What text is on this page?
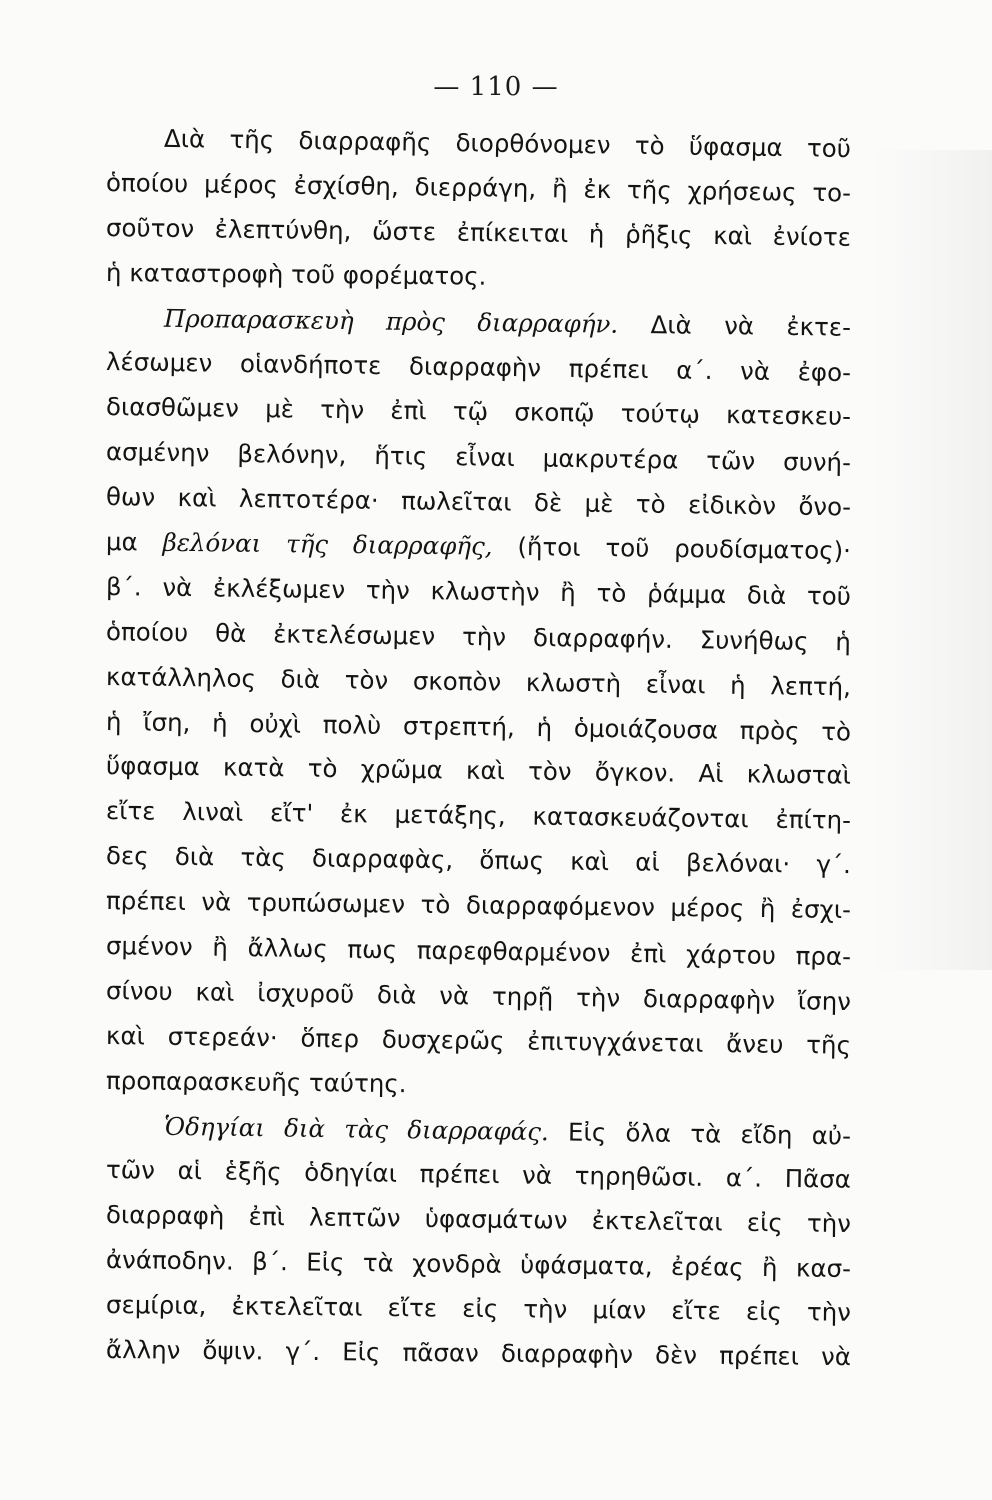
— 110 —
Διὰ τῆς διαρραφῆς διορθόνομεν τὸ ὕφασμα τοῦ
ὁποίου μέρος ἐσχίσθη, διερράγη, ἢ ἐκ τῆς χρήσεως το-
σοῦτον ἐλεπτύνθη, ὥστε ἐπίκειται ἡ ῥῆξις καὶ ἐνίοτε
ἡ καταστροφὴ τοῦ φορέματος.
Προπαρασκευὴ πρὸς διαρραφήν. Διὰ νὰ ἐκτε-
λέσωμεν οἱανδήποτε διαρραφὴν πρέπει α΄. νὰ ἐφο-
διασθῶμεν μὲ τὴν ἐπὶ τῷ σκοπῷ τούτῳ κατεσκευ-
ασμένην βελόνην, ἥτις εἶναι μακρυτέρα τῶν συνή-
θων καὶ λεπτοτέρα· πωλεῖται δὲ μὲ τὸ εἰδικὸν ὄνο-
μα βελόναι τῆς διαρραφῆς, (ἤτοι τοῦ ρουδίσματος)·
β΄. νὰ ἐκλέξωμεν τὴν κλωστὴν ἢ τὸ ῥάμμα διὰ τοῦ
ὁποίου θὰ ἐκτελέσωμεν τὴν διαρραφήν. Συνήθως ἡ
κατάλληλος διὰ τὸν σκοπὸν κλωστὴ εἶναι ἡ λεπτή,
ἡ ἴση, ἡ οὐχὶ πολὺ στρεπτή, ἡ ὁμοιάζουσα πρὸς τὸ
ὕφασμα κατὰ τὸ χρῶμα καὶ τὸν ὄγκον. Αἱ κλωσταὶ
εἴτε λιναὶ εἴτ' ἐκ μετάξης, κατασκευάζονται ἐπίτη-
δες διὰ τὰς διαρραφὰς, ὅπως καὶ αἱ βελόναι· γ΄.
πρέπει νὰ τρυπώσωμεν τὸ διαρραφόμενον μέρος ἢ ἐσχι-
σμένον ἢ ἄλλως πως παρεφθαρμένον ἐπὶ χάρτου πρα-
σίνου καὶ ἰσχυροῦ διὰ νὰ τηρῇ τὴν διαρραφὴν ἴσην
καὶ στερεάν· ὅπερ δυσχερῶς ἐπιτυγχάνεται ἄνευ τῆς
προπαρασκευῆς ταύτης.
Ὁδηγίαι διὰ τὰς διαρραφάς. Εἰς ὅλα τὰ εἴδη αὐ-
τῶν αἱ ἑξῆς ὁδηγίαι πρέπει νὰ τηρηθῶσι. α΄. Πᾶσα
διαρραφὴ ἐπὶ λεπτῶν ὑφασμάτων ἐκτελεῖται εἰς τὴν
ἀνάποδην. β΄. Εἰς τὰ χονδρὰ ὑφάσματα, ἐρέας ἢ κασ-
σεμίρια, ἐκτελεῖται εἴτε εἰς τὴν μίαν εἴτε εἰς τὴν
ἄλλην ὄψιν. γ΄. Εἰς πᾶσαν διαρραφὴν δὲν πρέπει νὰ
